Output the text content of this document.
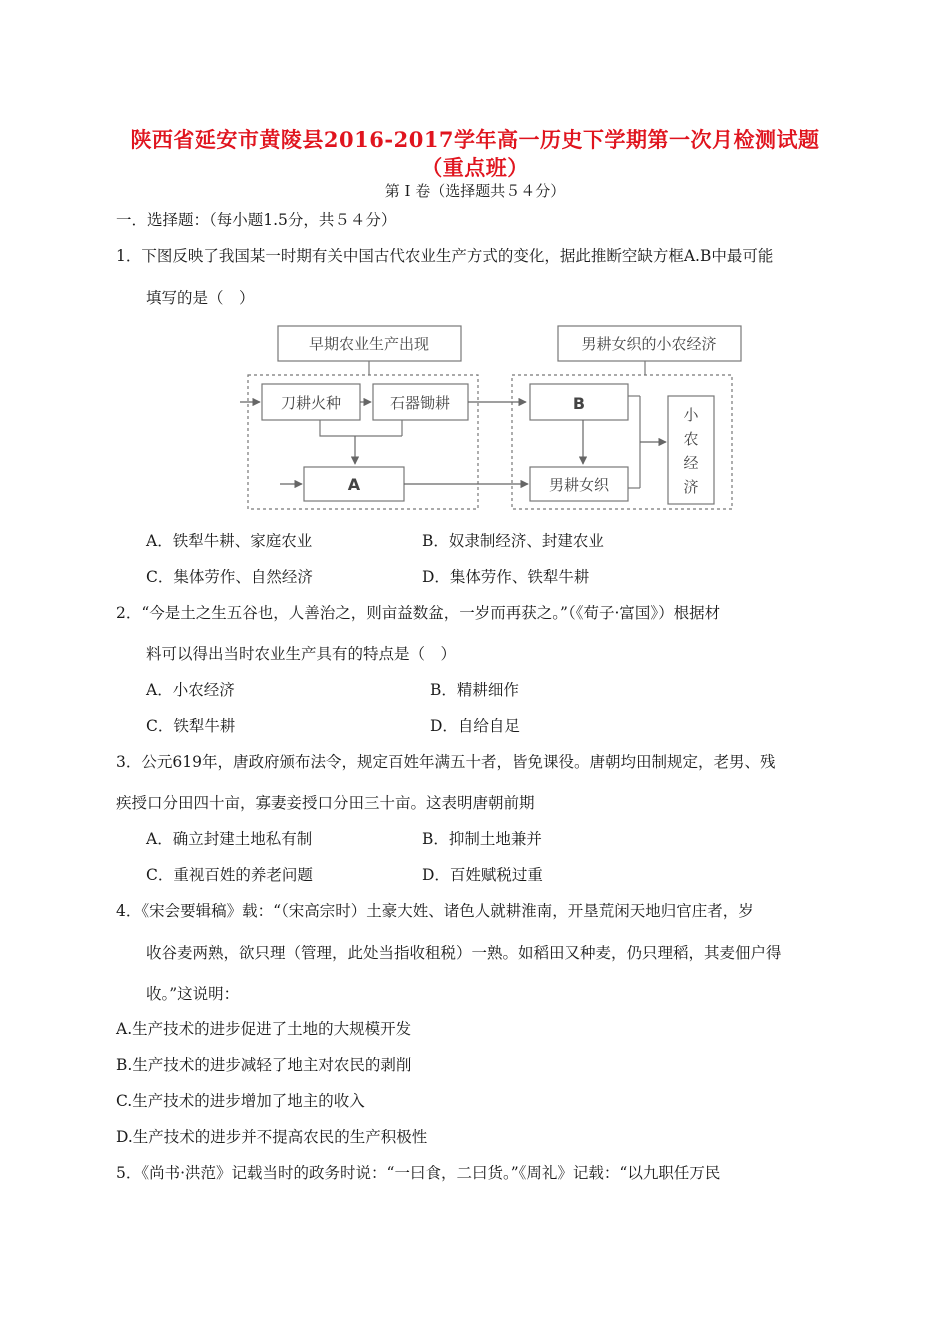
陕西省延安市黄陵县2016-2017学年高一历史下学期第一次月检测试题
（重点班）
第 Ⅰ 卷（选择题共５４分）
一．选择题：（每小题1.5分，共５４分）
1．下图反映了我国某一时期有关中国古代农业生产方式的变化，据此推断空缺方框A.B中最可能
填写的是（　）
早期农业生产出现	男耕女织的小农经济
刀耕火种	石器锄耕
A
B
男耕女织
小
农
经
济
A．铁犁牛耕、家庭农业	B．奴隶制经济、封建农业
C．集体劳作、自然经济	D．集体劳作、铁犁牛耕
2．“今是土之生五谷也，人善治之，则亩益数盆，一岁而再获之。”（《荀子·富国》）根据材
料可以得出当时农业生产具有的特点是（　）
A．小农经济	B．精耕细作
C．铁犁牛耕	D．自给自足
3．公元619年，唐政府颁布法令，规定百姓年满五十者，皆免课役。唐朝均田制规定，老男、残
疾授口分田四十亩，寡妻妾授口分田三十亩。这表明唐朝前期
A．确立封建土地私有制	B．抑制土地兼并
C．重视百姓的养老问题	D．百姓赋税过重
4．《宋会要辑稿》载：“（宋高宗时）土豪大姓、诸色人就耕淮南，开垦荒闲天地归官庄者，岁
收谷麦两熟，欲只理（管理，此处当指收租税）一熟。如稻田又种麦，仍只理稻，其麦佃户得
收。”这说明：
A.生产技术的进步促进了土地的大规模开发
B.生产技术的进步减轻了地主对农民的剥削
C.生产技术的进步增加了地主的收入
D.生产技术的进步并不提高农民的生产积极性
5．《尚书·洪范》记载当时的政务时说：“一曰食，二曰货。”《周礼》记载：“以九职任万民
